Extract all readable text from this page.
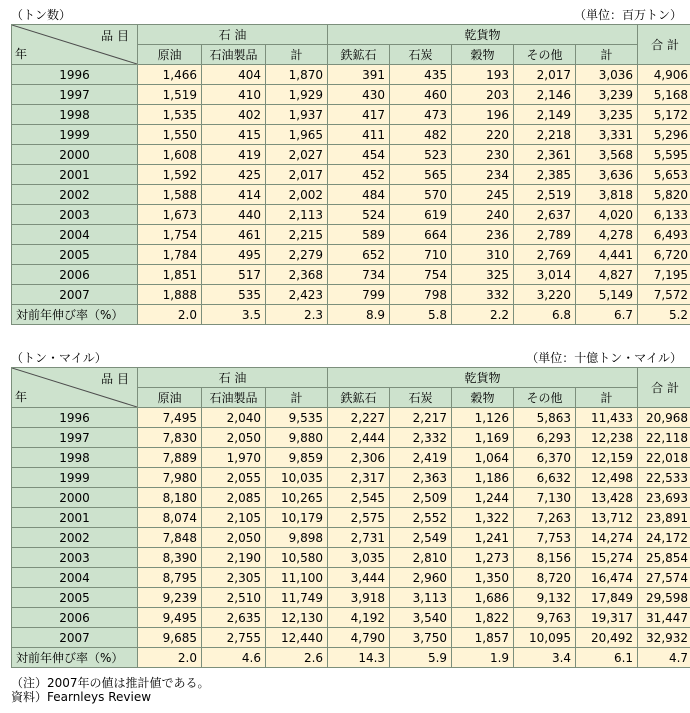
（トン数）	（単位：百万トン）
品 目
年	石 油			乾貨物					合 計
	原油	石油製品	計	鉄鉱石	石炭	穀物	その他	計	
1996	1,466	404	1,870	391	435	193	2,017	3,036	4,906
1997	1,519	410	1,929	430	460	203	2,146	3,239	5,168
1998	1,535	402	1,937	417	473	196	2,149	3,235	5,172
1999	1,550	415	1,965	411	482	220	2,218	3,331	5,296
2000	1,608	419	2,027	454	523	230	2,361	3,568	5,595
2001	1,592	425	2,017	452	565	234	2,385	3,636	5,653
2002	1,588	414	2,002	484	570	245	2,519	3,818	5,820
2003	1,673	440	2,113	524	619	240	2,637	4,020	6,133
2004	1,754	461	2,215	589	664	236	2,789	4,278	6,493
2005	1,784	495	2,279	652	710	310	2,769	4,441	6,720
2006	1,851	517	2,368	734	754	325	3,014	4,827	7,195
2007	1,888	535	2,423	799	798	332	3,220	5,149	7,572
対前年伸び率（%）	2.0	3.5	2.3	8.9	5.8	2.2	6.8	6.7	5.2
（トン・マイル）	（単位：十億トン・マイル）
品 目
年	石 油			乾貨物					合 計
	原油	石油製品	計	鉄鉱石	石炭	穀物	その他	計	
1996	7,495	2,040	9,535	2,227	2,217	1,126	5,863	11,433	20,968
1997	7,830	2,050	9,880	2,444	2,332	1,169	6,293	12,238	22,118
1998	7,889	1,970	9,859	2,306	2,419	1,064	6,370	12,159	22,018
1999	7,980	2,055	10,035	2,317	2,363	1,186	6,632	12,498	22,533
2000	8,180	2,085	10,265	2,545	2,509	1,244	7,130	13,428	23,693
2001	8,074	2,105	10,179	2,575	2,552	1,322	7,263	13,712	23,891
2002	7,848	2,050	9,898	2,731	2,549	1,241	7,753	14,274	24,172
2003	8,390	2,190	10,580	3,035	2,810	1,273	8,156	15,274	25,854
2004	8,795	2,305	11,100	3,444	2,960	1,350	8,720	16,474	27,574
2005	9,239	2,510	11,749	3,918	3,113	1,686	9,132	17,849	29,598
2006	9,495	2,635	12,130	4,192	3,540	1,822	9,763	19,317	31,447
2007	9,685	2,755	12,440	4,790	3,750	1,857	10,095	20,492	32,932
対前年伸び率（%）	2.0	4.6	2.6	14.3	5.9	1.9	3.4	6.1	4.7
（注）2007年の値は推計値である。
資料）Fearnleys Review
